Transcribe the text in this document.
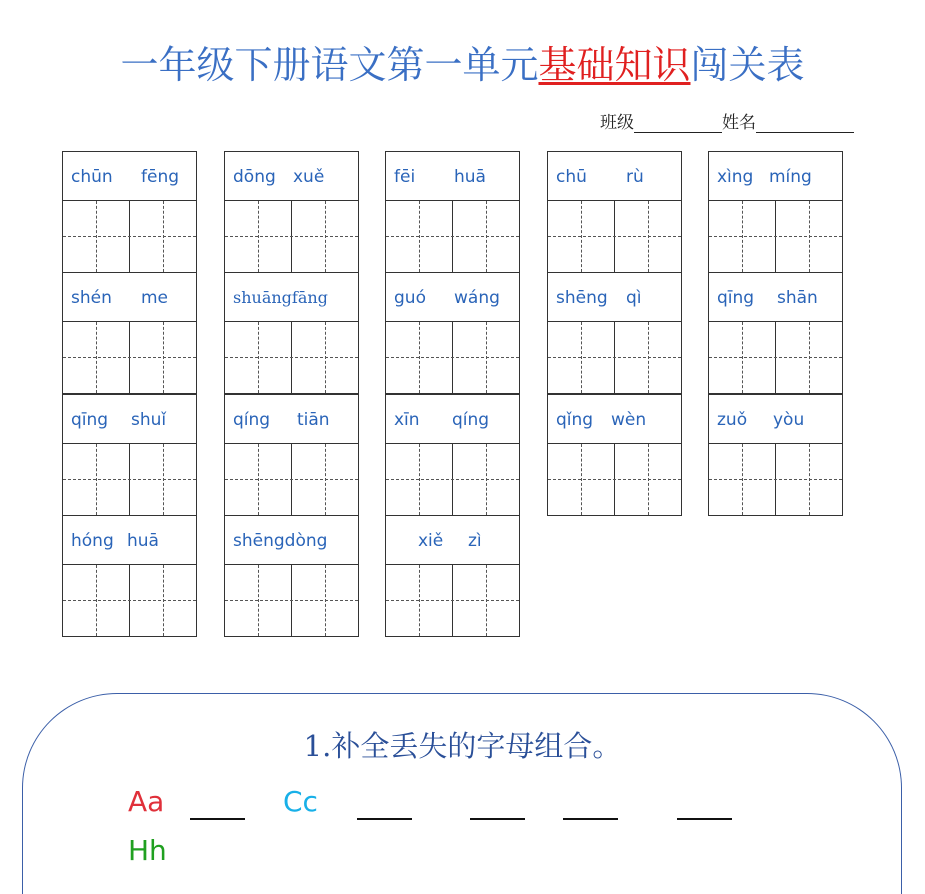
一年级下册语文第一单元基础知识闯关表
班级	姓名
chūn fēng	dōng xuě	fēi huā	chū rù	xìng míng
shén me	shuāngfāng	guó wáng	shēng qì	qīng shān
qīng shuǐ	qíng tiān	xīn qíng	qǐng wèn	zuǒ yòu
hóng huā	shēngdòng	xiě zì
1.补全丢失的字母组合。
Aa	Cc
Hh
